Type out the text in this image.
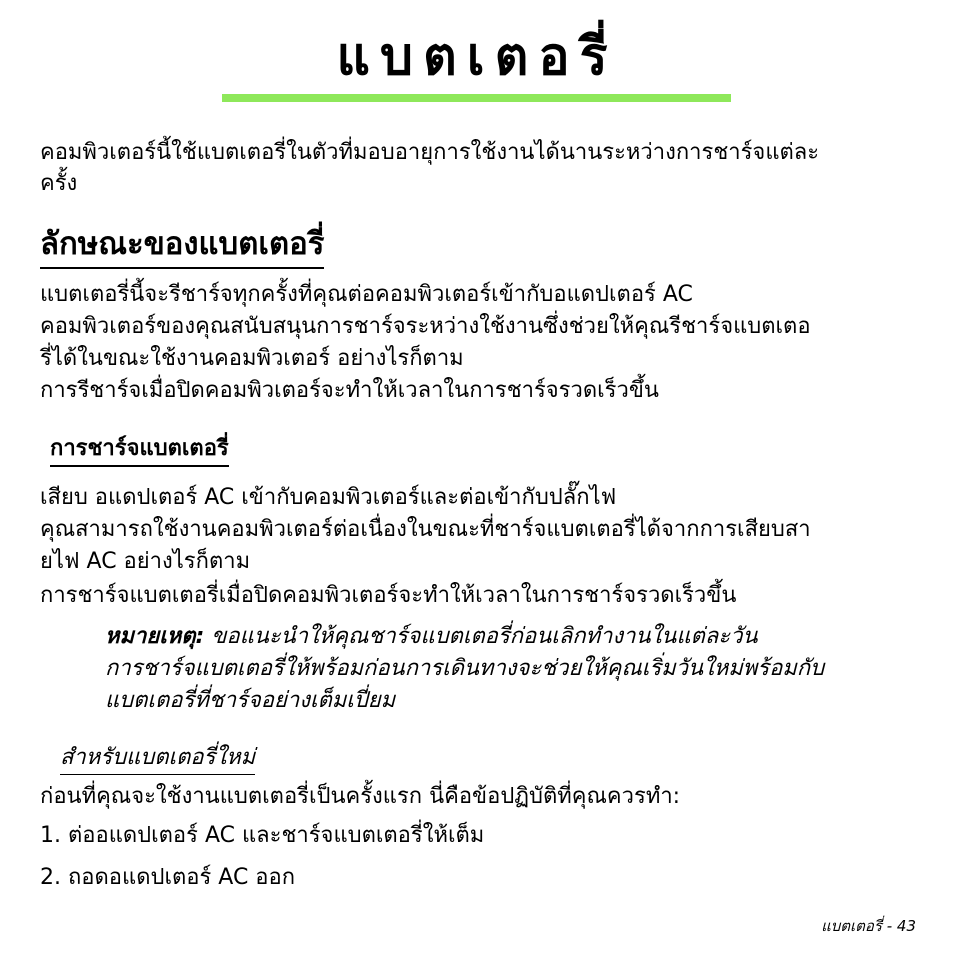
แบตเตอรี่
คอมพิวเตอร์นี้ใช้แบตเตอรี่ในตัวที่มอบอายุการใช้งานได้นานระหว่างการชาร์จแต่ละ
ครั้ง
ลักษณะของแบตเตอรี่
แบตเตอรี่นี้จะรีชาร์จทุกครั้งที่คุณต่อคอมพิวเตอร์เข้ากับอแดปเตอร์ AC
คอมพิวเตอร์ของคุณสนับสนุนการชาร์จระหว่างใช้งานซึ่งช่วยให้คุณรีชาร์จแบตเตอ
รี่ได้ในขณะใช้งานคอมพิวเตอร์ อย่างไรก็ตาม
การรีชาร์จเมื่อปิดคอมพิวเตอร์จะทำให้เวลาในการชาร์จรวดเร็วขึ้น
การชาร์จแบตเตอรี่
เสียบ อแดปเตอร์ AC เข้ากับคอมพิวเตอร์และต่อเข้ากับปลั๊กไฟ
คุณสามารถใช้งานคอมพิวเตอร์ต่อเนื่องในขณะที่ชาร์จแบตเตอรี่ได้จากการเสียบสา
ยไฟ AC อย่างไรก็ตาม
การชาร์จแบตเตอรี่เมื่อปิดคอมพิวเตอร์จะทำให้เวลาในการชาร์จรวดเร็วขึ้น
หมายเหตุ: ขอแนะนำให้คุณชาร์จแบตเตอรี่ก่อนเลิกทำงานในแต่ละวัน
การชาร์จแบตเตอรี่ให้พร้อมก่อนการเดินทางจะช่วยให้คุณเริ่มวันใหม่พร้อมกับ
แบตเตอรี่ที่ชาร์จอย่างเต็มเปี่ยม
สำหรับแบตเตอรี่ใหม่
ก่อนที่คุณจะใช้งานแบตเตอรี่เป็นครั้งแรก นี่คือข้อปฏิบัติที่คุณควรทำ:
1. ต่ออแดปเตอร์ AC และชาร์จแบตเตอรี่ให้เต็ม
2. ถอดอแดปเตอร์ AC ออก
แบตเตอรี่ - 43
